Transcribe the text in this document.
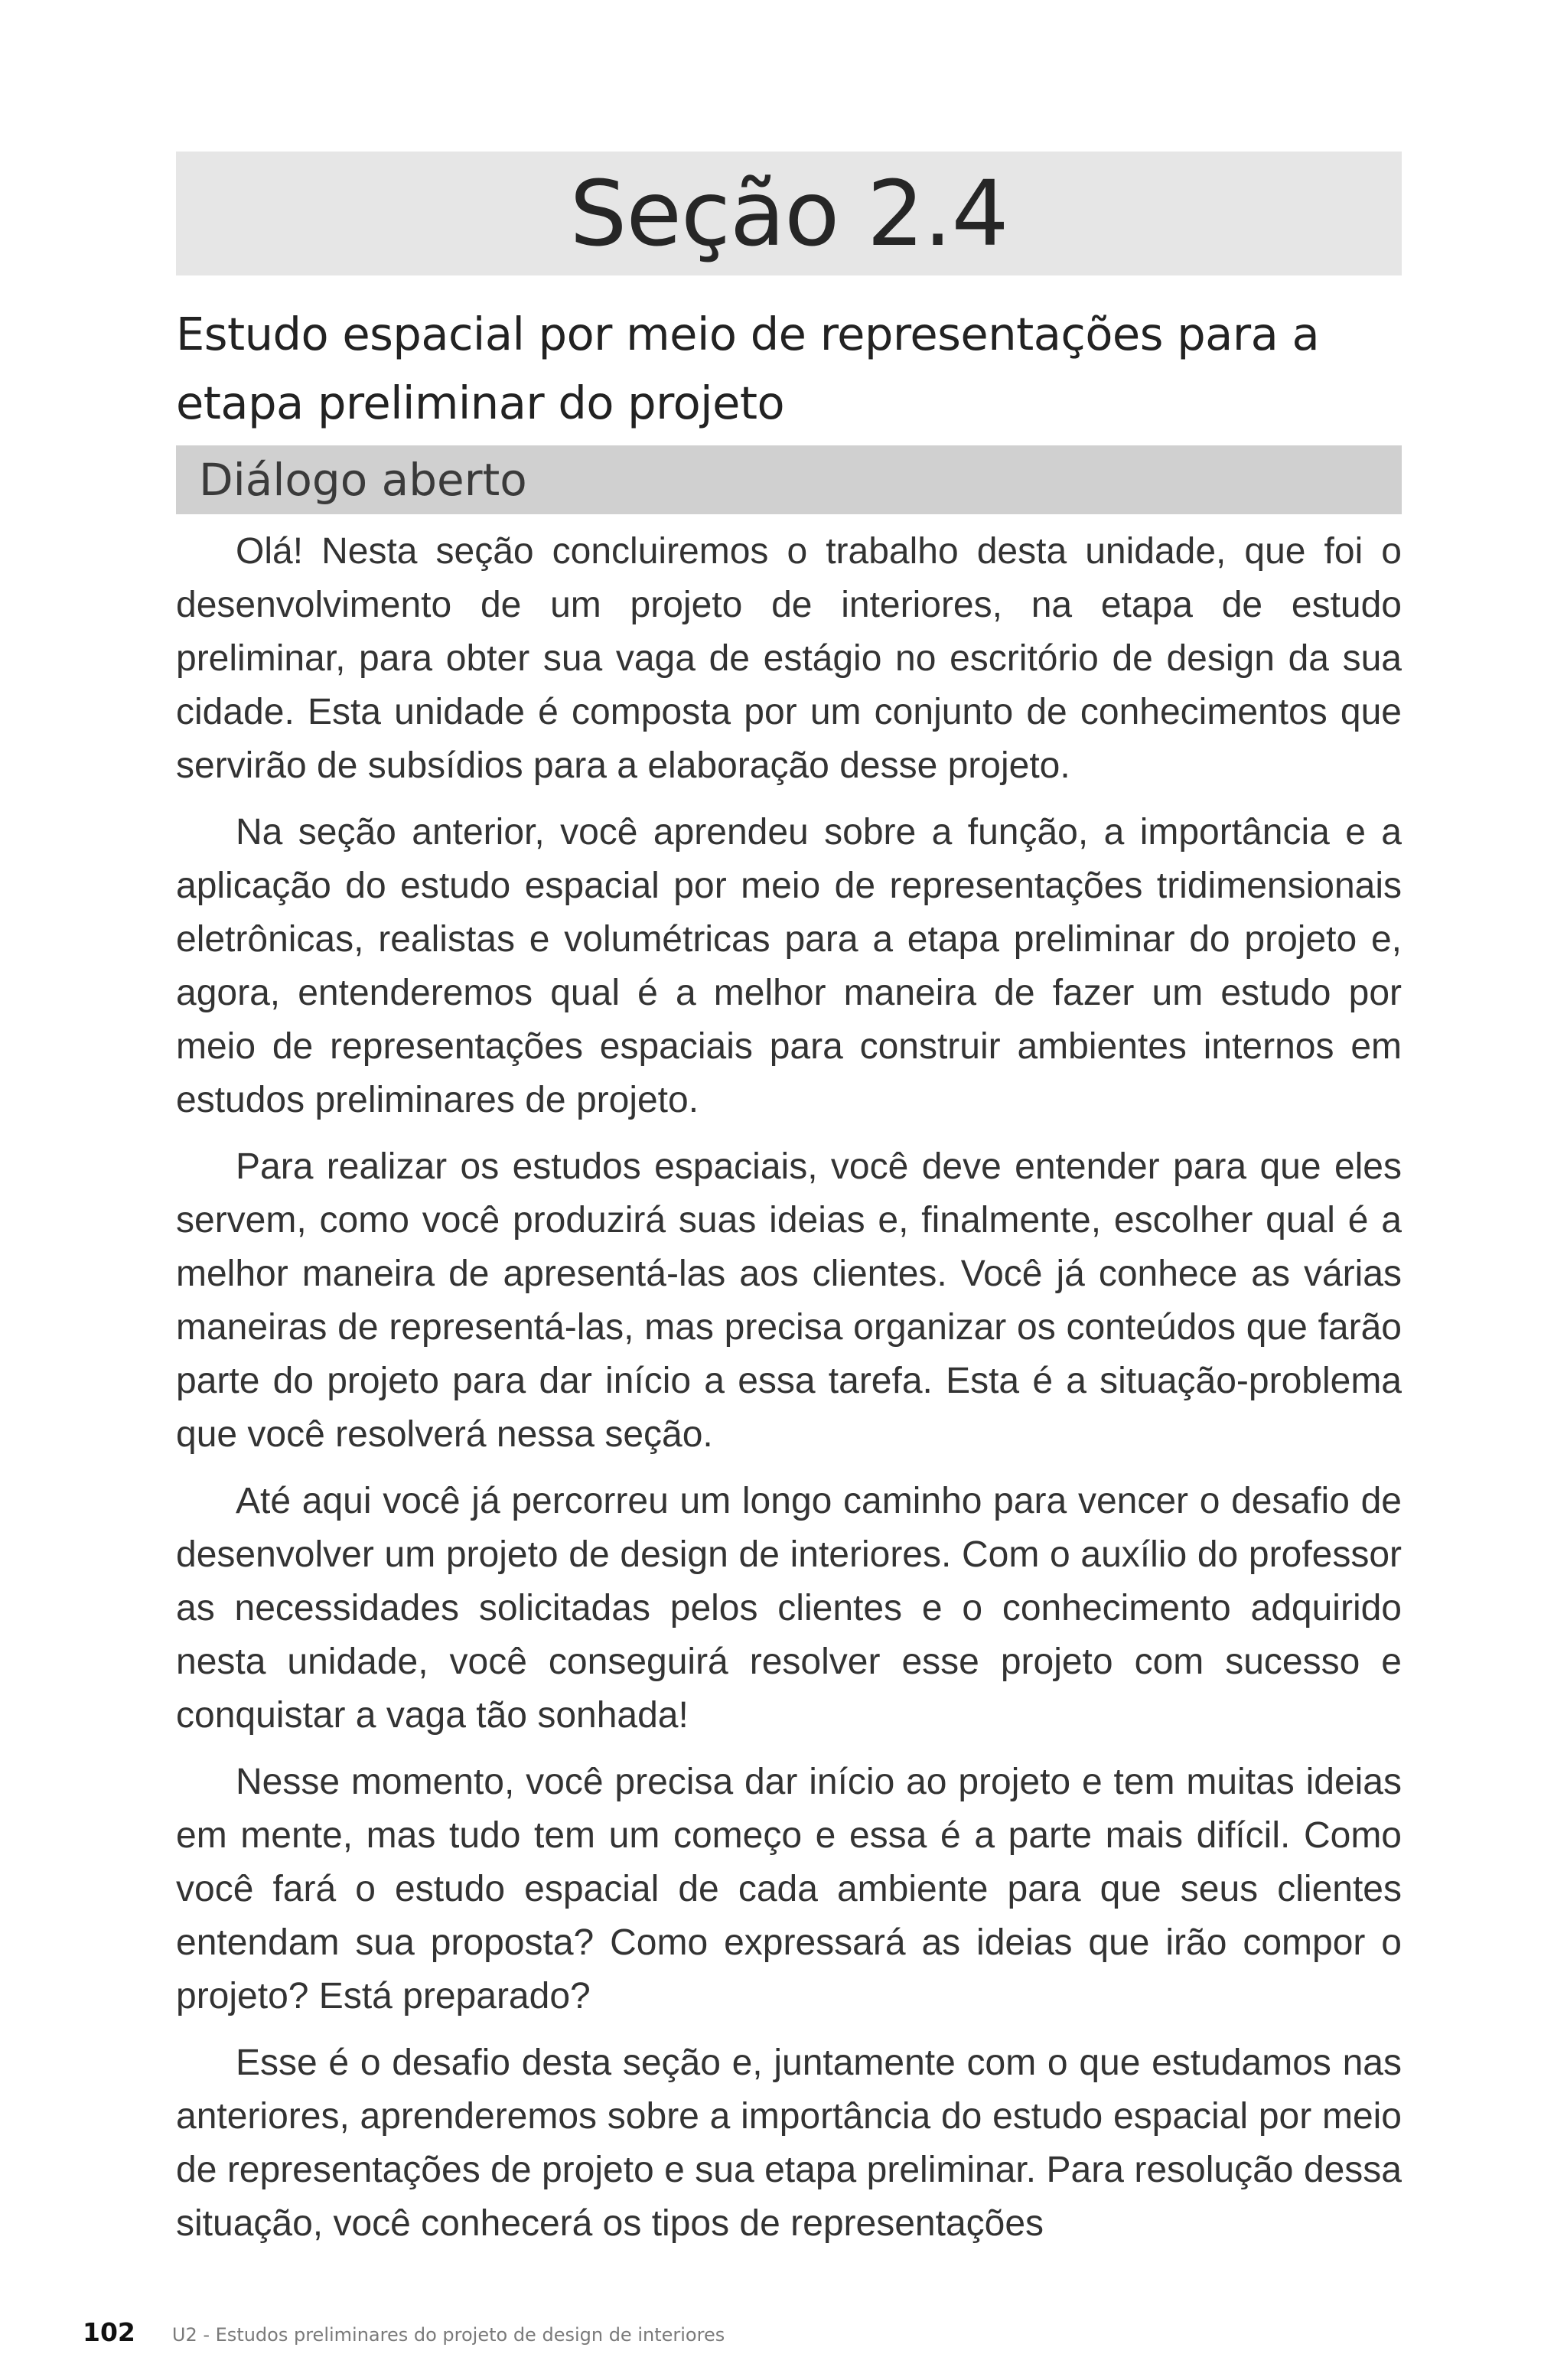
Seção 2.4
Estudo espacial por meio de representações para a etapa preliminar do projeto
Diálogo aberto

Olá! Nesta seção concluiremos o trabalho desta unidade, que foi o desenvolvimento de um projeto de interiores, na etapa de estudo preliminar, para obter sua vaga de estágio no escritório de design da sua cidade. Esta unidade é composta por um conjunto de conhecimentos que servirão de subsídios para a elaboração desse projeto.

Na seção anterior, você aprendeu sobre a função, a importância e a aplicação do estudo espacial por meio de representações tridimensionais eletrônicas, realistas e volumétricas para a etapa preliminar do projeto e, agora, entenderemos qual é a melhor maneira de fazer um estudo por meio de representações espaciais para construir ambientes internos em estudos preliminares de projeto.

Para realizar os estudos espaciais, você deve entender para que eles servem, como você produzirá suas ideias e, finalmente, escolher qual é a melhor maneira de apresentá-las aos clientes. Você já conhece as várias maneiras de representá-las, mas precisa organizar os conteúdos que farão parte do projeto para dar início a essa tarefa. Esta é a situação-problema que você resolverá nessa seção.

Até aqui você já percorreu um longo caminho para vencer o desafio de desenvolver um projeto de design de interiores. Com o auxílio do professor as necessidades solicitadas pelos clientes e o conhecimento adquirido nesta unidade, você conseguirá resolver esse projeto com sucesso e conquistar a vaga tão sonhada!

Nesse momento, você precisa dar início ao projeto e tem muitas ideias em mente, mas tudo tem um começo e essa é a parte mais difícil. Como você fará o estudo espacial de cada ambiente para que seus clientes entendam sua proposta? Como expressará as ideias que irão compor o projeto? Está preparado?

Esse é o desafio desta seção e, juntamente com o que estudamos nas anteriores, aprenderemos sobre a importância do estudo espacial por meio de representações de projeto e sua etapa preliminar. Para resolução dessa situação, você conhecerá os tipos de representações

102 U2 - Estudos preliminares do projeto de design de interiores
